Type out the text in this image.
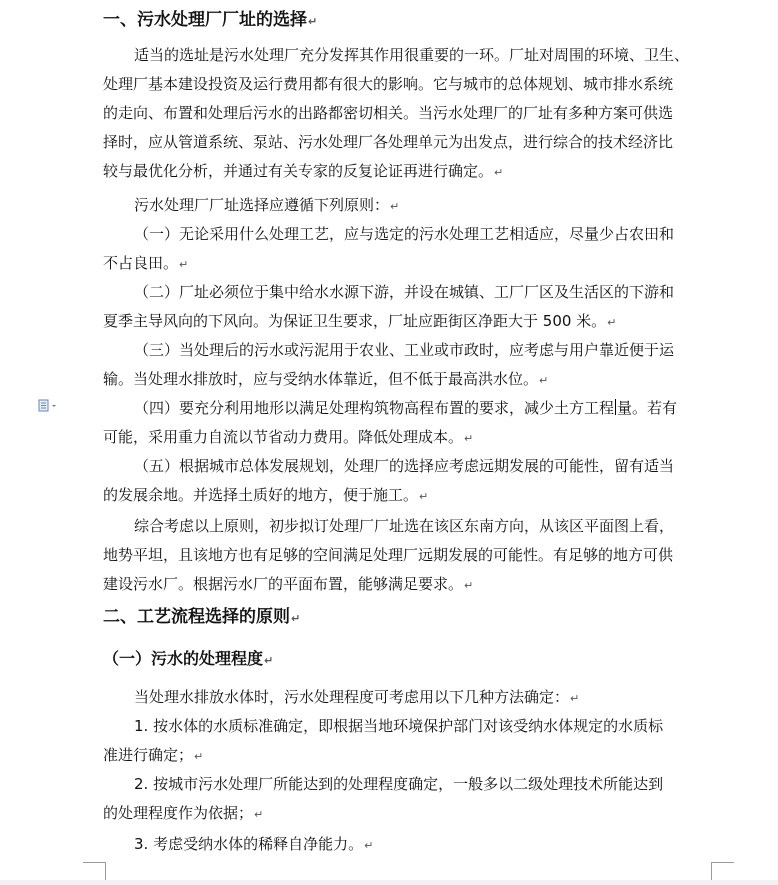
一、污水处理厂厂址的选择↵
适当的选址是污水处理厂充分发挥其作用很重要的一环。厂址对周围的环境、卫生、
处理厂基本建设投资及运行费用都有很大的影响。它与城市的总体规划、城市排水系统
的走向、布置和处理后污水的出路都密切相关。当污水处理厂的厂址有多种方案可供选
择时，应从管道系统、泵站、污水处理厂各处理单元为出发点，进行综合的技术经济比
较与最优化分析，并通过有关专家的反复论证再进行确定。↵
污水处理厂厂址选择应遵循下列原则：↵
（一）无论采用什么处理工艺，应与选定的污水处理工艺相适应，尽量少占农田和
不占良田。↵
（二）厂址必须位于集中给水水源下游，并设在城镇、工厂厂区及生活区的下游和
夏季主导风向的下风向。为保证卫生要求，厂址应距街区净距大于 500 米。↵
（三）当处理后的污水或污泥用于农业、工业或市政时，应考虑与用户靠近便于运
输。当处理水排放时，应与受纳水体靠近，但不低于最高洪水位。↵
（四）要充分利用地形以满足处理构筑物高程布置的要求，减少土方工程 量。若有
可能，采用重力自流以节省动力费用。降低处理成本。↵
（五）根据城市总体发展规划，处理厂的选择应考虑远期发展的可能性，留有适当
的发展余地。并选择土质好的地方，便于施工。↵
综合考虑以上原则，初步拟订处理厂厂址选在该区东南方向，从该区平面图上看，
地势平坦，且该地方也有足够的空间满足处理厂远期发展的可能性。有足够的地方可供
建设污水厂。根据污水厂的平面布置，能够满足要求。↵
二、工艺流程选择的原则↵
（一）污水的处理程度↵
当处理水排放水体时，污水处理程度可考虑用以下几种方法确定：↵
1. 按水体的水质标准确定，即根据当地环境保护部门对该受纳水体规定的水质标
准进行确定；↵
2. 按城市污水处理厂所能达到的处理程度确定，一般多以二级处理技术所能达到
的处理程度作为依据；↵
3. 考虑受纳水体的稀释自净能力。↵
